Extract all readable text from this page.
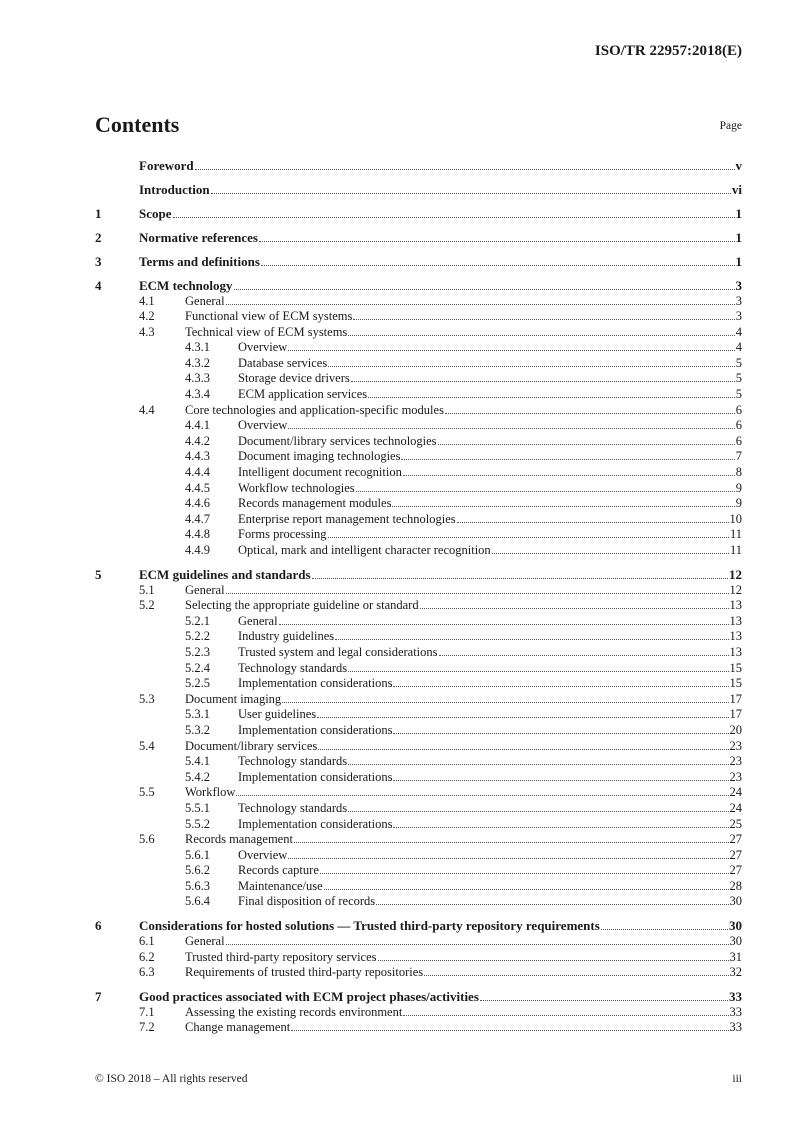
ISO/TR 22957:2018(E)
Contents	Page
Foreword	v
Introduction	vi
1	Scope	1
2	Normative references	1
3	Terms and definitions	1
4	ECM technology	3
4.1	General	3
4.2	Functional view of ECM systems	3
4.3	Technical view of ECM systems	4
4.3.1	Overview	4
4.3.2	Database services	5
4.3.3	Storage device drivers	5
4.3.4	ECM application services	5
4.4	Core technologies and application-specific modules	6
4.4.1	Overview	6
4.4.2	Document/library services technologies	6
4.4.3	Document imaging technologies	7
4.4.4	Intelligent document recognition	8
4.4.5	Workflow technologies	9
4.4.6	Records management modules	9
4.4.7	Enterprise report management technologies	10
4.4.8	Forms processing	11
4.4.9	Optical, mark and intelligent character recognition	11
5	ECM guidelines and standards	12
5.1	General	12
5.2	Selecting the appropriate guideline or standard	13
5.2.1	General	13
5.2.2	Industry guidelines	13
5.2.3	Trusted system and legal considerations	13
5.2.4	Technology standards	15
5.2.5	Implementation considerations	15
5.3	Document imaging	17
5.3.1	User guidelines	17
5.3.2	Implementation considerations	20
5.4	Document/library services	23
5.4.1	Technology standards	23
5.4.2	Implementation considerations	23
5.5	Workflow	24
5.5.1	Technology standards	24
5.5.2	Implementation considerations	25
5.6	Records management	27
5.6.1	Overview	27
5.6.2	Records capture	27
5.6.3	Maintenance/use	28
5.6.4	Final disposition of records	30
6	Considerations for hosted solutions — Trusted third-party repository requirements	30
6.1	General	30
6.2	Trusted third-party repository services	31
6.3	Requirements of trusted third-party repositories	32
7	Good practices associated with ECM project phases/activities	33
7.1	Assessing the existing records environment	33
7.2	Change management	33
© ISO 2018 – All rights reserved	iii
